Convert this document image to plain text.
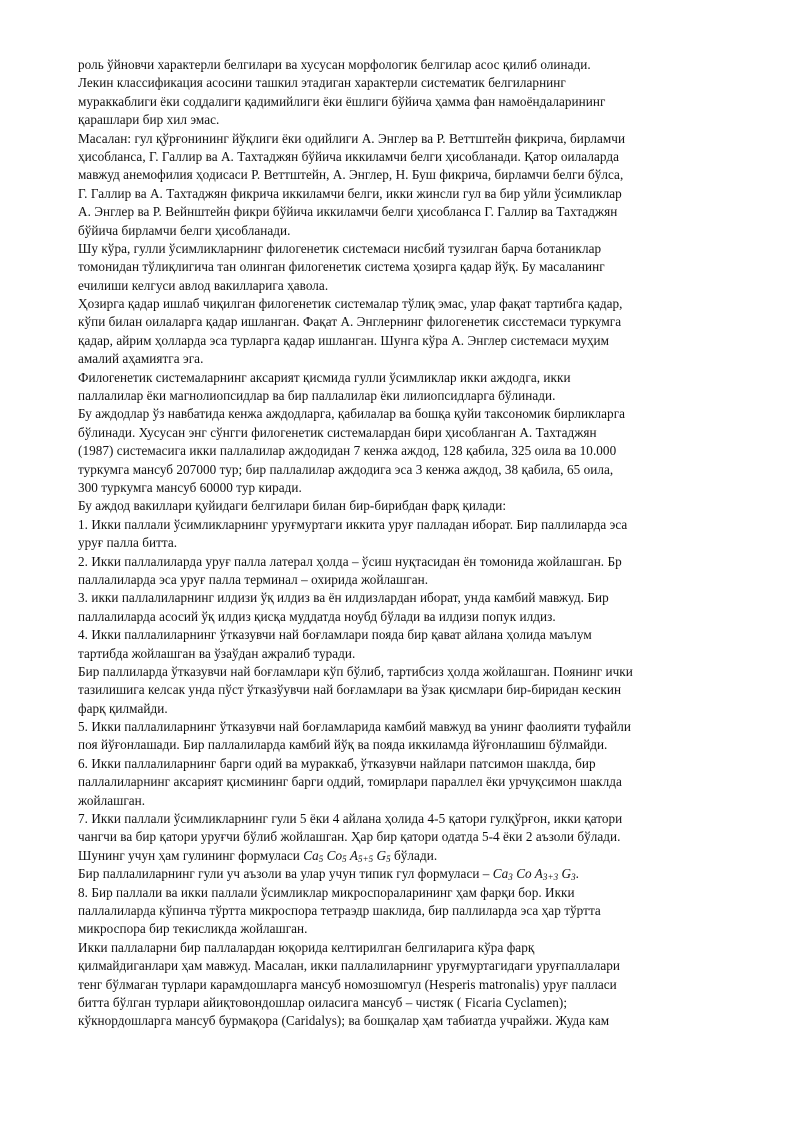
роль ўйновчи характерли белгилари ва хусусан морфологик белгилар асос қилиб олинади.
Лекин классификация асосини ташкил этадиган характерли систематик белгиларнинг
мураккаблиги ёки соддалиги қадимийлиги ёки ёшлиги бўйича ҳамма фан намоёндаларининг
қарашлари бир хил эмас.
Масалан: гул қўрғонининг йўқлиги ёки одийлиги А. Энглер ва Р. Веттштейн фикрича, бирламчи
ҳисобланса, Г. Галлир ва А. Тахтаджян бўйича иккиламчи белги ҳисобланади. Қатор оилаларда
мавжуд анемофилия ҳодисаси Р. Веттштейн, А. Энглер, Н. Буш фикрича, бирламчи белги бўлса,
Г. Галлир ва А. Тахтаджян фикрича иккиламчи белги, икки жинсли гул ва бир уйли ўсимликлар
А. Энглер ва Р. Вейнштейн фикри бўйича иккиламчи белги ҳисобланса Г. Галлир ва Тахтаджян
бўйича бирламчи белги ҳисобланади.
Шу кўра, гулли ўсимликларнинг филогенетик системаси нисбий тузилган барча ботаниклар
томонидан тўлиқлигича тан олинган филогенетик система ҳозирга қадар йўқ. Бу масаланинг
ечилиши келгуси авлод вакилларига ҳавола.
Ҳозирга қадар ишлаб чиқилган филогенетик системалар тўлиқ эмас, улар фақат тартибга қадар,
кўпи билан оилаларга қадар ишланган. Фақат А. Энглернинг филогенетик сисстемаси туркумга
қадар, айрим ҳолларда эса турларга қадар ишланган. Шунга кўра А. Энглер системаси муҳим
амалий аҳамиятга эга.
Филогенетик системаларнинг аксарият қисмида гулли ўсимликлар икки аждодга, икки
паллалилар ёки магнолиопсидлар ва бир паллалилар ёки лилиопсидларга бўлинади.
Бу аждодлар ўз навбатида кенжа аждодларга, қабилалар ва бошқа қуйи таксономик бирликларга
бўлинади. Хусусан энг сўнгги филогенетик системалардан бири ҳисобланган А. Тахтаджян
(1987) системасига икки паллалилар аждодидан 7 кенжа аждод, 128 қабила, 325 оила ва 10.000
туркумга мансуб 207000 тур; бир паллалилар аждодига эса 3 кенжа аждод, 38 қабила, 65 оила,
300 туркумга мансуб 60000 тур киради.
Бу аждод вакиллари қуйидаги белгилари билан бир-бирибдан фарқ қилади:
1. Икки паллали ўсимликларнинг уруғмуртаги иккита уруғ палладан иборат. Бир паллиларда эса
уруғ палла битта.
2. Икки паллалиларда уруғ палла латерал ҳолда – ўсиш нуқтасидан ён томонида жойлашган. Бр
паллалиларда эса уруғ палла терминал – охирида жойлашган.
3. икки паллалиларнинг илдизи ўқ илдиз ва ён илдизлардан иборат, унда камбий мавжуд. Бир
паллалиларда асосий ўқ илдиз қисқа муддатда ноубд бўлади ва илдизи попук илдиз.
4. Икки паллалиларнинг ўтказувчи най боғламлари пояда бир қават айлана ҳолида маълум
тартибда жойлашган ва ўзаўдан ажралиб туради.
Бир паллиларда ўтказувчи най боғламлари кўп бўлиб, тартибсиз ҳолда жойлашган. Поянинг ички
тазилишига келсак унда пўст ўтказўувчи най боғламлари ва ўзак қисмлари бир-биридан кескин
фарқ қилмайди.
5. Икки паллалиларнинг ўтказувчи най боғламларида камбий мавжуд ва унинг фаолияти туфайли
поя йўғонлашади. Бир паллалиларда камбий йўқ ва пояда иккиламда йўғонлашиш бўлмайди.
6. Икки паллалиларнинг барги одий ва мураккаб, ўтказувчи найлари патсимон шаклда, бир
паллалиларнинг аксарият қисмининг барги оддий, томирлари параллел ёки урчуқсимон шаклда
жойлашган.
7. Икки паллали ўсимликларнинг гули 5 ёки 4 айлана ҳолида 4-5 қатори гулқўрғон, икки қатори
чангчи ва бир қатори уруғчи бўлиб жойлашган. Ҳар бир қатори одатда 5-4 ёки 2 аъзоли бўлади.
Шунинг учун ҳам гулининг формуласи $Ca_5$ $Co_5$ $A_{5+5}$ $G_5$ бўлади.
Бир паллалиларнинг гули уч аъзоли ва улар учун типик гул формуласи – $Ca_3$ Co $A_{3+3}$ $G_3$.
8. Бир паллали ва икки паллали ўсимликлар микроспораларининг ҳам фарқи бор. Икки
паллалиларда кўпинча тўртта микроспора тетраэдр шаклида, бир паллиларда эса ҳар тўртта
микроспора бир текисликда жойлашган.
Икки паллаларни бир паллалардан юқорида келтирилган белгиларига кўра фарқ
қилмайдиганлари ҳам мавжуд. Масалан, икки паллалиларнинг уруғмуртагидаги уруғпаллалари
тенг бўлмаган турлари карамдошларга мансуб номозшомгул (Hesperis matronalis) уруғ палласи
битта бўлган турлари айиқтовондошлар оиласига мансуб – чистяк ( Ficaria Cyclamen);
кўкнордошларга мансуб бурмақора (Caridalys); ва бошқалар ҳам табиатда учрайжи. Жуда кам
